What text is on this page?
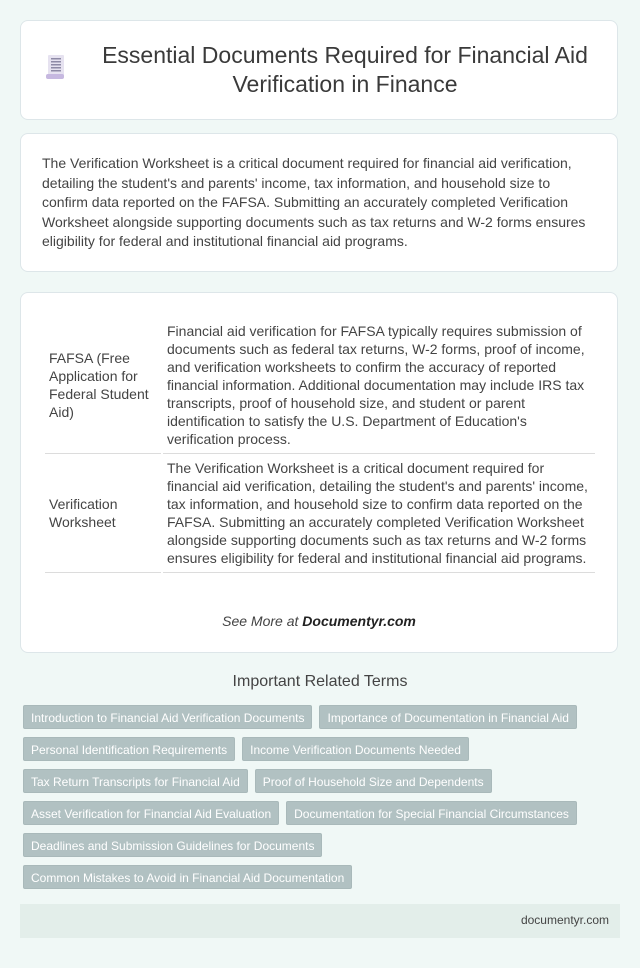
Essential Documents Required for Financial Aid Verification in Finance

The Verification Worksheet is a critical document required for financial aid verification, detailing the student's and parents' income, tax information, and household size to confirm data reported on the FAFSA. Submitting an accurately completed Verification Worksheet alongside supporting documents such as tax returns and W-2 forms ensures eligibility for federal and institutional financial aid programs.

FAFSA (Free Application for Federal Student Aid)	Financial aid verification for FAFSA typically requires submission of documents such as federal tax returns, W-2 forms, proof of income, and verification worksheets to confirm the accuracy of reported financial information. Additional documentation may include IRS tax transcripts, proof of household size, and student or parent identification to satisfy the U.S. Department of Education's verification process.
Verification Worksheet	The Verification Worksheet is a critical document required for financial aid verification, detailing the student's and parents' income, tax information, and household size to confirm data reported on the FAFSA. Submitting an accurately completed Verification Worksheet alongside supporting documents such as tax returns and W-2 forms ensures eligibility for federal and institutional financial aid programs.
See More at Documentyr.com
Important Related Terms
Introduction to Financial Aid Verification Documents	Importance of Documentation in Financial Aid
Personal Identification Requirements	Income Verification Documents Needed
Tax Return Transcripts for Financial Aid	Proof of Household Size and Dependents
Asset Verification for Financial Aid Evaluation	Documentation for Special Financial Circumstances
Deadlines and Submission Guidelines for Documents
Common Mistakes to Avoid in Financial Aid Documentation
documentyr.com
